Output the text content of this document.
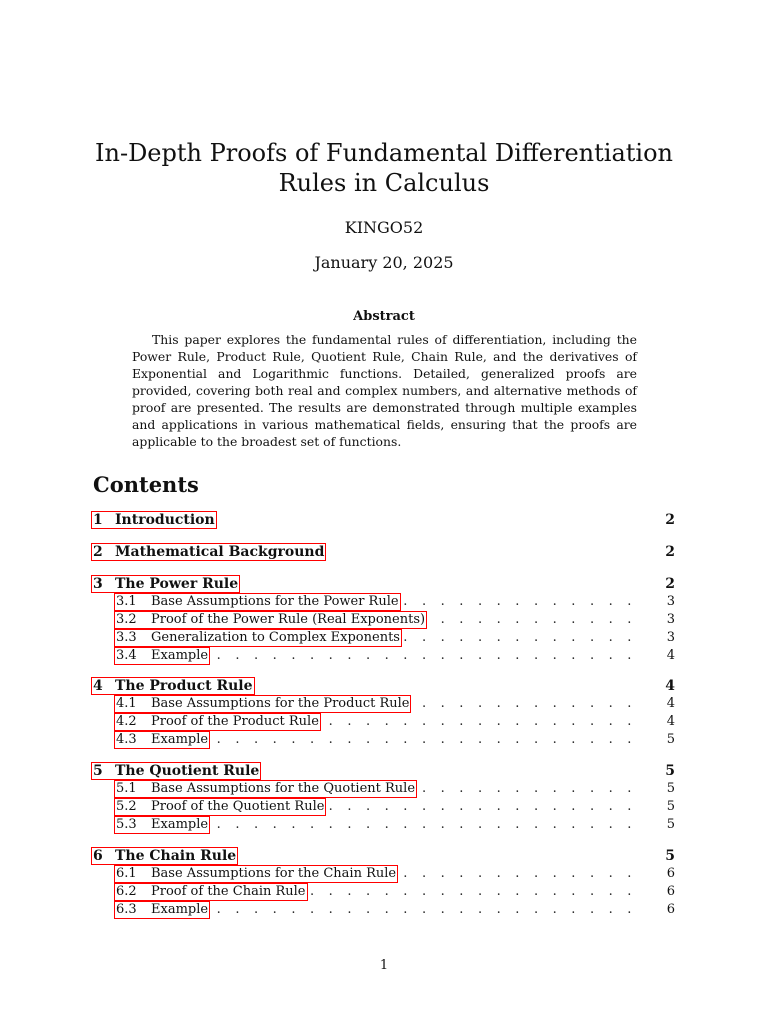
In-Depth Proofs of Fundamental Differentiation Rules in Calculus
KINGO52
January 20, 2025
Abstract

This paper explores the fundamental rules of differentiation, including the Power Rule, Product Rule, Quotient Rule, Chain Rule, and the derivatives of Exponential and Logarithmic functions. Detailed, generalized proofs are provided, covering both real and complex numbers, and alternative methods of proof are presented. The results are demonstrated through multiple examples and applications in various mathematical fields, ensuring that the proofs are applicable to the broadest set of functions.

Contents
1 Introduction	2
2 Mathematical Background	2
3 The Power Rule	2
3.1 Base Assumptions for the Power Rule . . .	3
3.2 Proof of the Power Rule (Real Exponents) . . .	3
3.3 Generalization to Complex Exponents . . .	3
3.4 Example . . .	4
4 The Product Rule	4
4.1 Base Assumptions for the Product Rule . . .	4
4.2 Proof of the Product Rule . . .	4
4.3 Example . . .	5
5 The Quotient Rule	5
5.1 Base Assumptions for the Quotient Rule . . .	5
5.2 Proof of the Quotient Rule . . .	5
5.3 Example . . .	5
6 The Chain Rule	5
6.1 Base Assumptions for the Chain Rule . . .	6
6.2 Proof of the Chain Rule . . .	6
6.3 Example . . .	6
1
